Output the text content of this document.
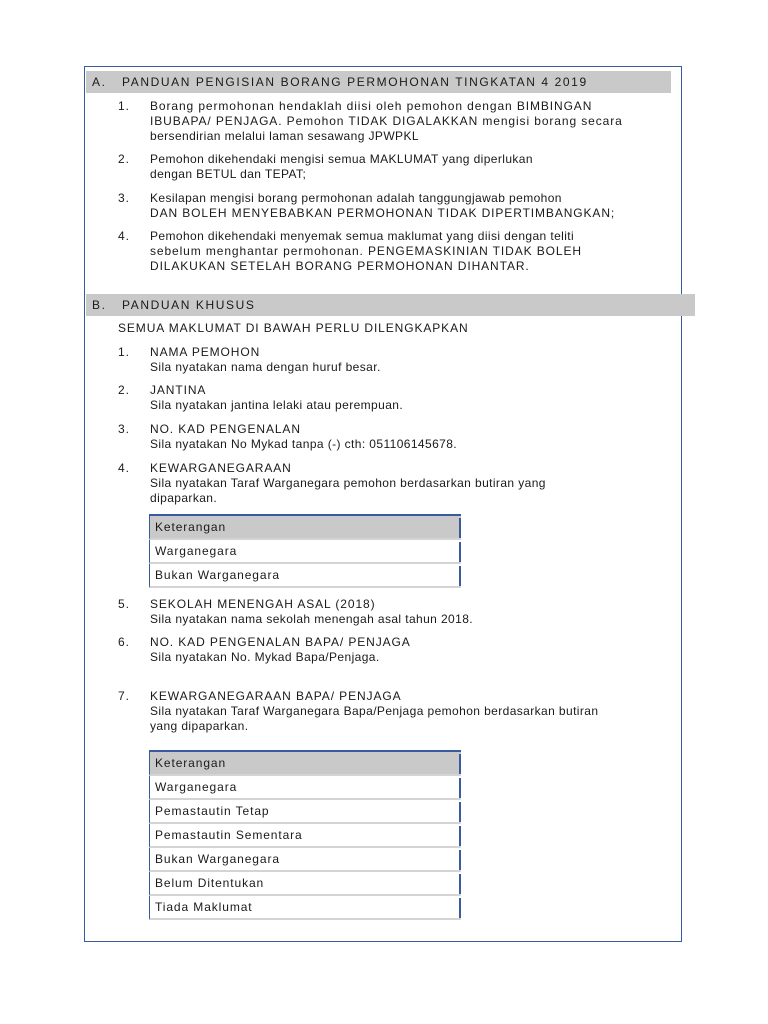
A. PANDUAN PENGISIAN BORANG PERMOHONAN TINGKATAN 4 2019
1. Borang permohonan hendaklah diisi oleh pemohon dengan BIMBINGAN
IBUBAPA/ PENJAGA. Pemohon TIDAK DIGALAKKAN mengisi borang secara
bersendirian melalui laman sesawang JPWPKL
2. Pemohon dikehendaki mengisi semua MAKLUMAT yang diperlukan
dengan BETUL dan TEPAT;
3. Kesilapan mengisi borang permohonan adalah tanggungjawab pemohon
DAN BOLEH MENYEBABKAN PERMOHONAN TIDAK DIPERTIMBANGKAN;
4. Pemohon dikehendaki menyemak semua maklumat yang diisi dengan teliti
sebelum menghantar permohonan. PENGEMASKINIAN TIDAK BOLEH
DILAKUKAN SETELAH BORANG PERMOHONAN DIHANTAR.
B. PANDUAN KHUSUS
SEMUA MAKLUMAT DI BAWAH PERLU DILENGKAPKAN
1. NAMA PEMOHON
Sila nyatakan nama dengan huruf besar.
2. JANTINA
Sila nyatakan jantina lelaki atau perempuan.
3. NO. KAD PENGENALAN
Sila nyatakan No Mykad tanpa (-) cth: 051106145678.
4. KEWARGANEGARAAN
Sila nyatakan Taraf Warganegara pemohon berdasarkan butiran yang
dipaparkan.
Keterangan
Warganegara
Bukan Warganegara
5. SEKOLAH MENENGAH ASAL (2018)
Sila nyatakan nama sekolah menengah asal tahun 2018.
6. NO. KAD PENGENALAN BAPA/ PENJAGA
Sila nyatakan No. Mykad Bapa/Penjaga.
7. KEWARGANEGARAAN BAPA/ PENJAGA
Sila nyatakan Taraf Warganegara Bapa/Penjaga pemohon berdasarkan butiran
yang dipaparkan.
Keterangan
Warganegara
Pemastautin Tetap
Pemastautin Sementara
Bukan Warganegara
Belum Ditentukan
Tiada Maklumat
